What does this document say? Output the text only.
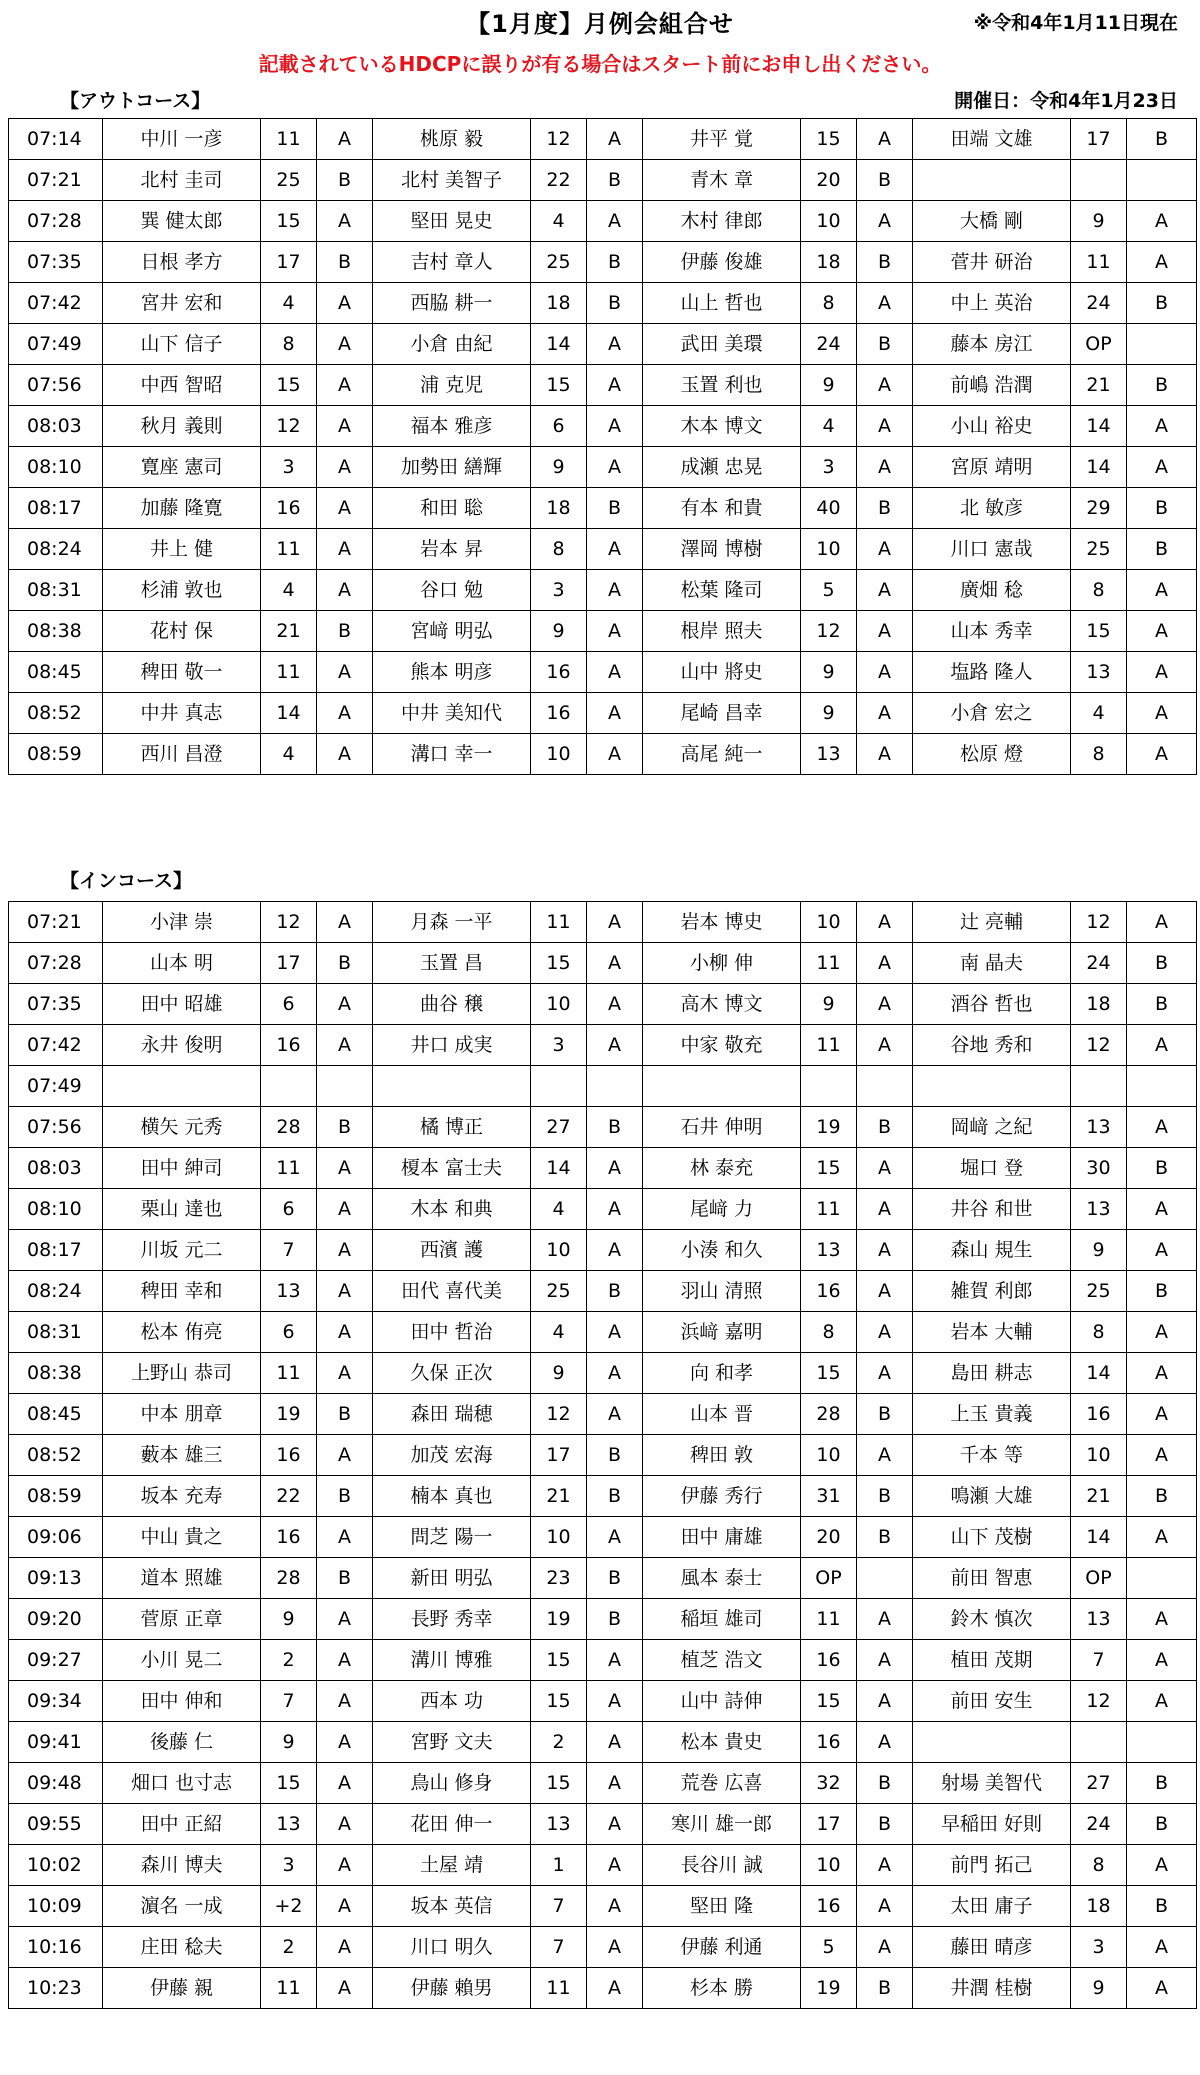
【1月度】月例会組合せ	※令和4年1月11日現在
記載されているHDCPに誤りが有る場合はスタート前にお申し出ください。
【アウトコース】	開催日：令和4年1月23日
07:14	中川 一彦	11	A	桃原 毅	12	A	井平 覚	15	A	田端 文雄	17	B
07:21	北村 圭司	25	B	北村 美智子	22	B	青木 章	20	B			
07:28	巽 健太郎	15	A	堅田 晃史	4	A	木村 律郎	10	A	大橋 剛	9	A
07:35	日根 孝方	17	B	吉村 章人	25	B	伊藤 俊雄	18	B	菅井 研治	11	A
07:42	宮井 宏和	4	A	西脇 耕一	18	B	山上 哲也	8	A	中上 英治	24	B
07:49	山下 信子	8	A	小倉 由紀	14	A	武田 美環	24	B	藤本 房江	OP	
07:56	中西 智昭	15	A	浦 克児	15	A	玉置 利也	9	A	前嶋 浩潤	21	B
08:03	秋月 義則	12	A	福本 雅彦	6	A	木本 博文	4	A	小山 裕史	14	A
08:10	寛座 憲司	3	A	加勢田 繕輝	9	A	成瀬 忠晃	3	A	宮原 靖明	14	A
08:17	加藤 隆寛	16	A	和田 聡	18	B	有本 和貴	40	B	北 敏彦	29	B
08:24	井上 健	11	A	岩本 昇	8	A	澤岡 博樹	10	A	川口 憲哉	25	B
08:31	杉浦 敦也	4	A	谷口 勉	3	A	松葉 隆司	5	A	廣畑 稔	8	A
08:38	花村 保	21	B	宮﨑 明弘	9	A	根岸 照夫	12	A	山本 秀幸	15	A
08:45	稗田 敬一	11	A	熊本 明彦	16	A	山中 將史	9	A	塩路 隆人	13	A
08:52	中井 真志	14	A	中井 美知代	16	A	尾崎 昌幸	9	A	小倉 宏之	4	A
08:59	西川 昌澄	4	A	溝口 幸一	10	A	高尾 純一	13	A	松原 燈	8	A
【インコース】
07:21	小津 崇	12	A	月森 一平	11	A	岩本 博史	10	A	辻 亮輔	12	A
07:28	山本 明	17	B	玉置 昌	15	A	小柳 伸	11	A	南 晶夫	24	B
07:35	田中 昭雄	6	A	曲谷 穣	10	A	高木 博文	9	A	酒谷 哲也	18	B
07:42	永井 俊明	16	A	井口 成実	3	A	中家 敬充	11	A	谷地 秀和	12	A
07:49												
07:56	横矢 元秀	28	B	橘 博正	27	B	石井 伸明	19	B	岡﨑 之紀	13	A
08:03	田中 紳司	11	A	榎本 富士夫	14	A	林 泰充	15	A	堀口 登	30	B
08:10	栗山 達也	6	A	木本 和典	4	A	尾﨑 力	11	A	井谷 和世	13	A
08:17	川坂 元二	7	A	西濱 護	10	A	小湊 和久	13	A	森山 規生	9	A
08:24	稗田 幸和	13	A	田代 喜代美	25	B	羽山 清照	16	A	雑賀 利郎	25	B
08:31	松本 侑亮	6	A	田中 哲治	4	A	浜﨑 嘉明	8	A	岩本 大輔	8	A
08:38	上野山 恭司	11	A	久保 正次	9	A	向 和孝	15	A	島田 耕志	14	A
08:45	中本 朋章	19	B	森田 瑞穂	12	A	山本 晋	28	B	上玉 貴義	16	A
08:52	藪本 雄三	16	A	加茂 宏海	17	B	稗田 敦	10	A	千本 等	10	A
08:59	坂本 充寿	22	B	楠本 真也	21	B	伊藤 秀行	31	B	鳴瀬 大雄	21	B
09:06	中山 貴之	16	A	問芝 陽一	10	A	田中 庸雄	20	B	山下 茂樹	14	A
09:13	道本 照雄	28	B	新田 明弘	23	B	風本 泰士	OP		前田 智恵	OP	
09:20	菅原 正章	9	A	長野 秀幸	19	B	稲垣 雄司	11	A	鈴木 慎次	13	A
09:27	小川 晃二	2	A	溝川 博雅	15	A	植芝 浩文	16	A	植田 茂期	7	A
09:34	田中 伸和	7	A	西本 功	15	A	山中 詩伸	15	A	前田 安生	12	A
09:41	後藤 仁	9	A	宮野 文夫	2	A	松本 貴史	16	A			
09:48	畑口 也寸志	15	A	鳥山 修身	15	A	荒巻 広喜	32	B	射場 美智代	27	B
09:55	田中 正紹	13	A	花田 伸一	13	A	寒川 雄一郎	17	B	早稲田 好則	24	B
10:02	森川 博夫	3	A	土屋 靖	1	A	長谷川 誠	10	A	前門 拓己	8	A
10:09	濵名 一成	+2	A	坂本 英信	7	A	堅田 隆	16	A	太田 庸子	18	B
10:16	庄田 稔夫	2	A	川口 明久	7	A	伊藤 利通	5	A	藤田 晴彦	3	A
10:23	伊藤 親	11	A	伊藤 賴男	11	A	杉本 勝	19	B	井潤 桂樹	9	A
